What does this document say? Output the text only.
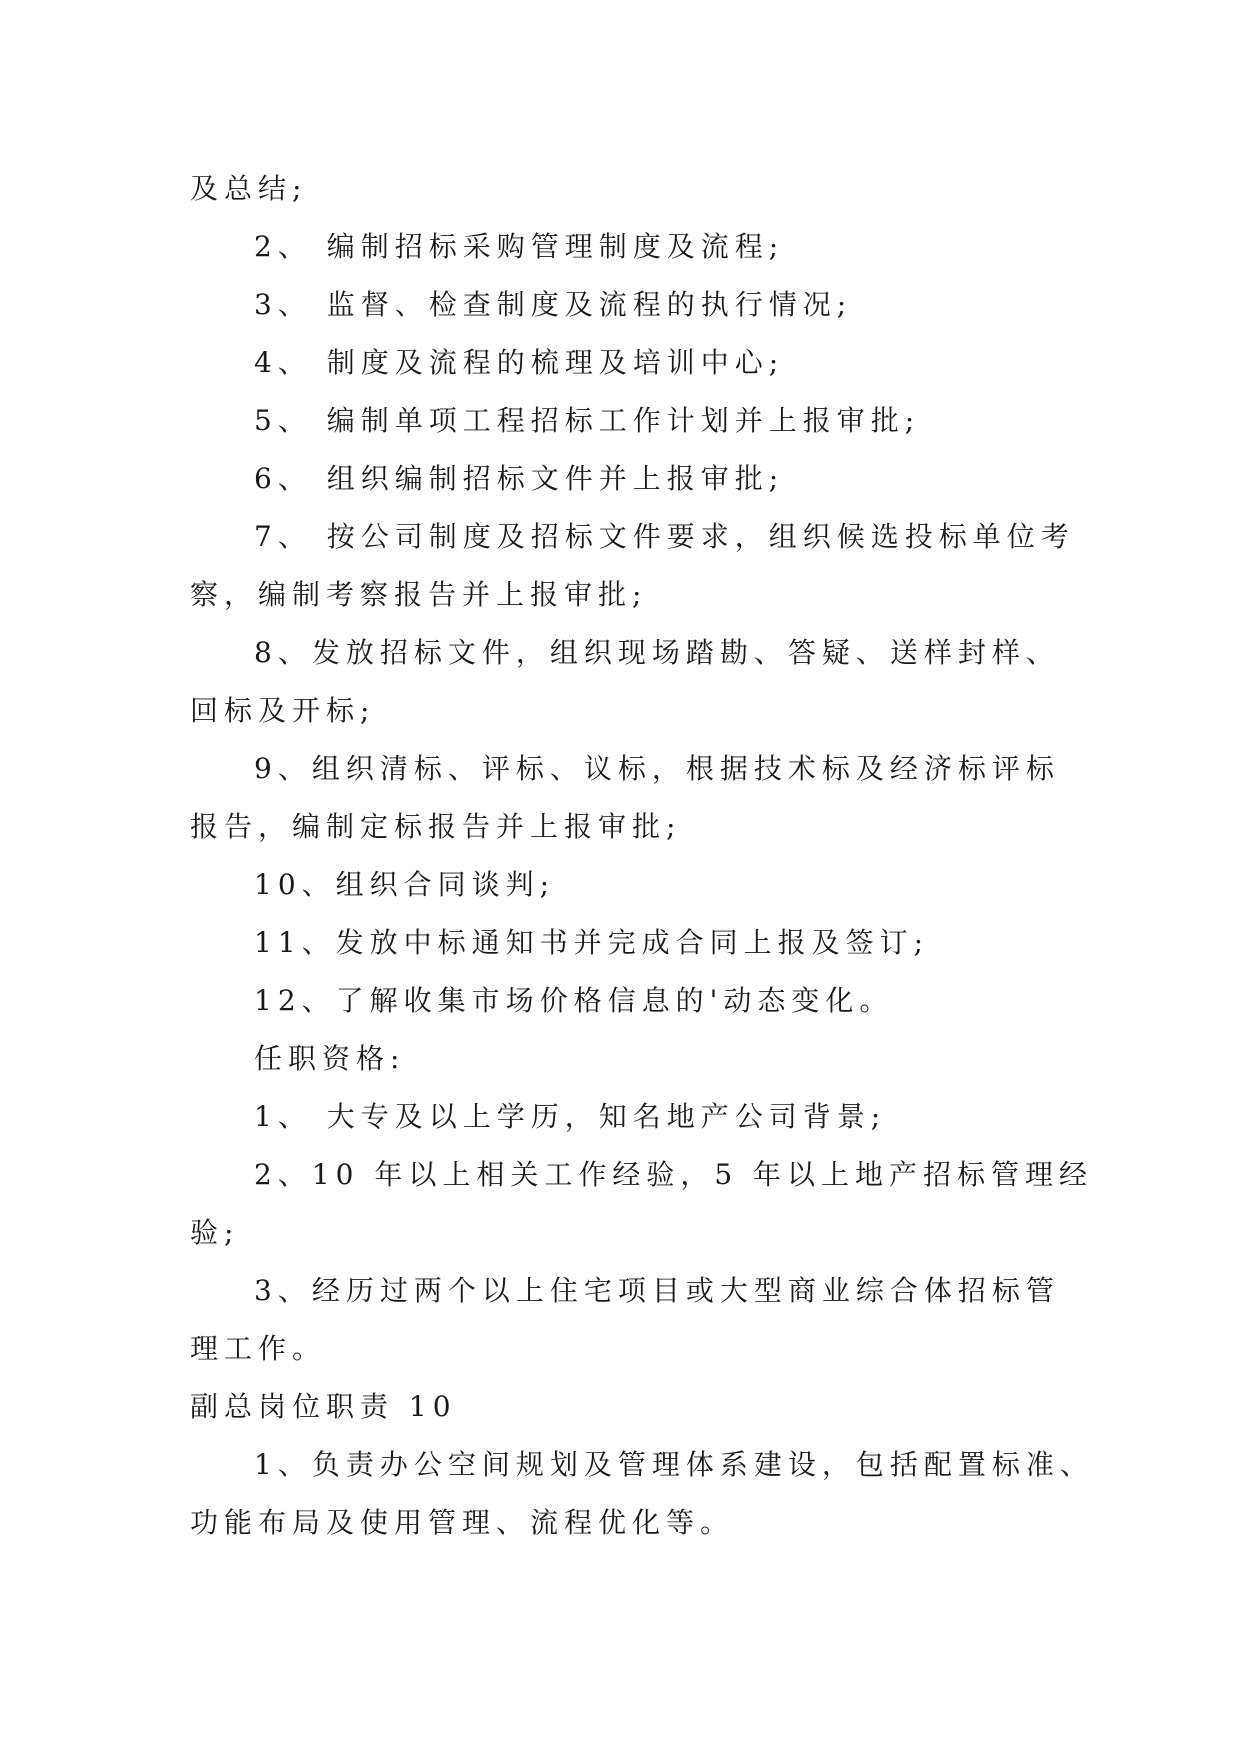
及总结;
2、 编制招标采购管理制度及流程;
3、 监督、检查制度及流程的执行情况;
4、 制度及流程的梳理及培训中心;
5、 编制单项工程招标工作计划并上报审批;
6、 组织编制招标文件并上报审批;
7、 按公司制度及招标文件要求，组织候选投标单位考
察，编制考察报告并上报审批;
8、发放招标文件，组织现场踏勘、答疑、送样封样、
回标及开标;
9、组织清标、评标、议标，根据技术标及经济标评标
报告，编制定标报告并上报审批;
10、组织合同谈判;
11、发放中标通知书并完成合同上报及签订;
12、了解收集市场价格信息的'动态变化。
任职资格:
1、 大专及以上学历，知名地产公司背景;
2、10 年以上相关工作经验，5 年以上地产招标管理经
验;
3、经历过两个以上住宅项目或大型商业综合体招标管
理工作。
副总岗位职责 10
1、负责办公空间规划及管理体系建设，包括配置标准、
功能布局及使用管理、流程优化等。
